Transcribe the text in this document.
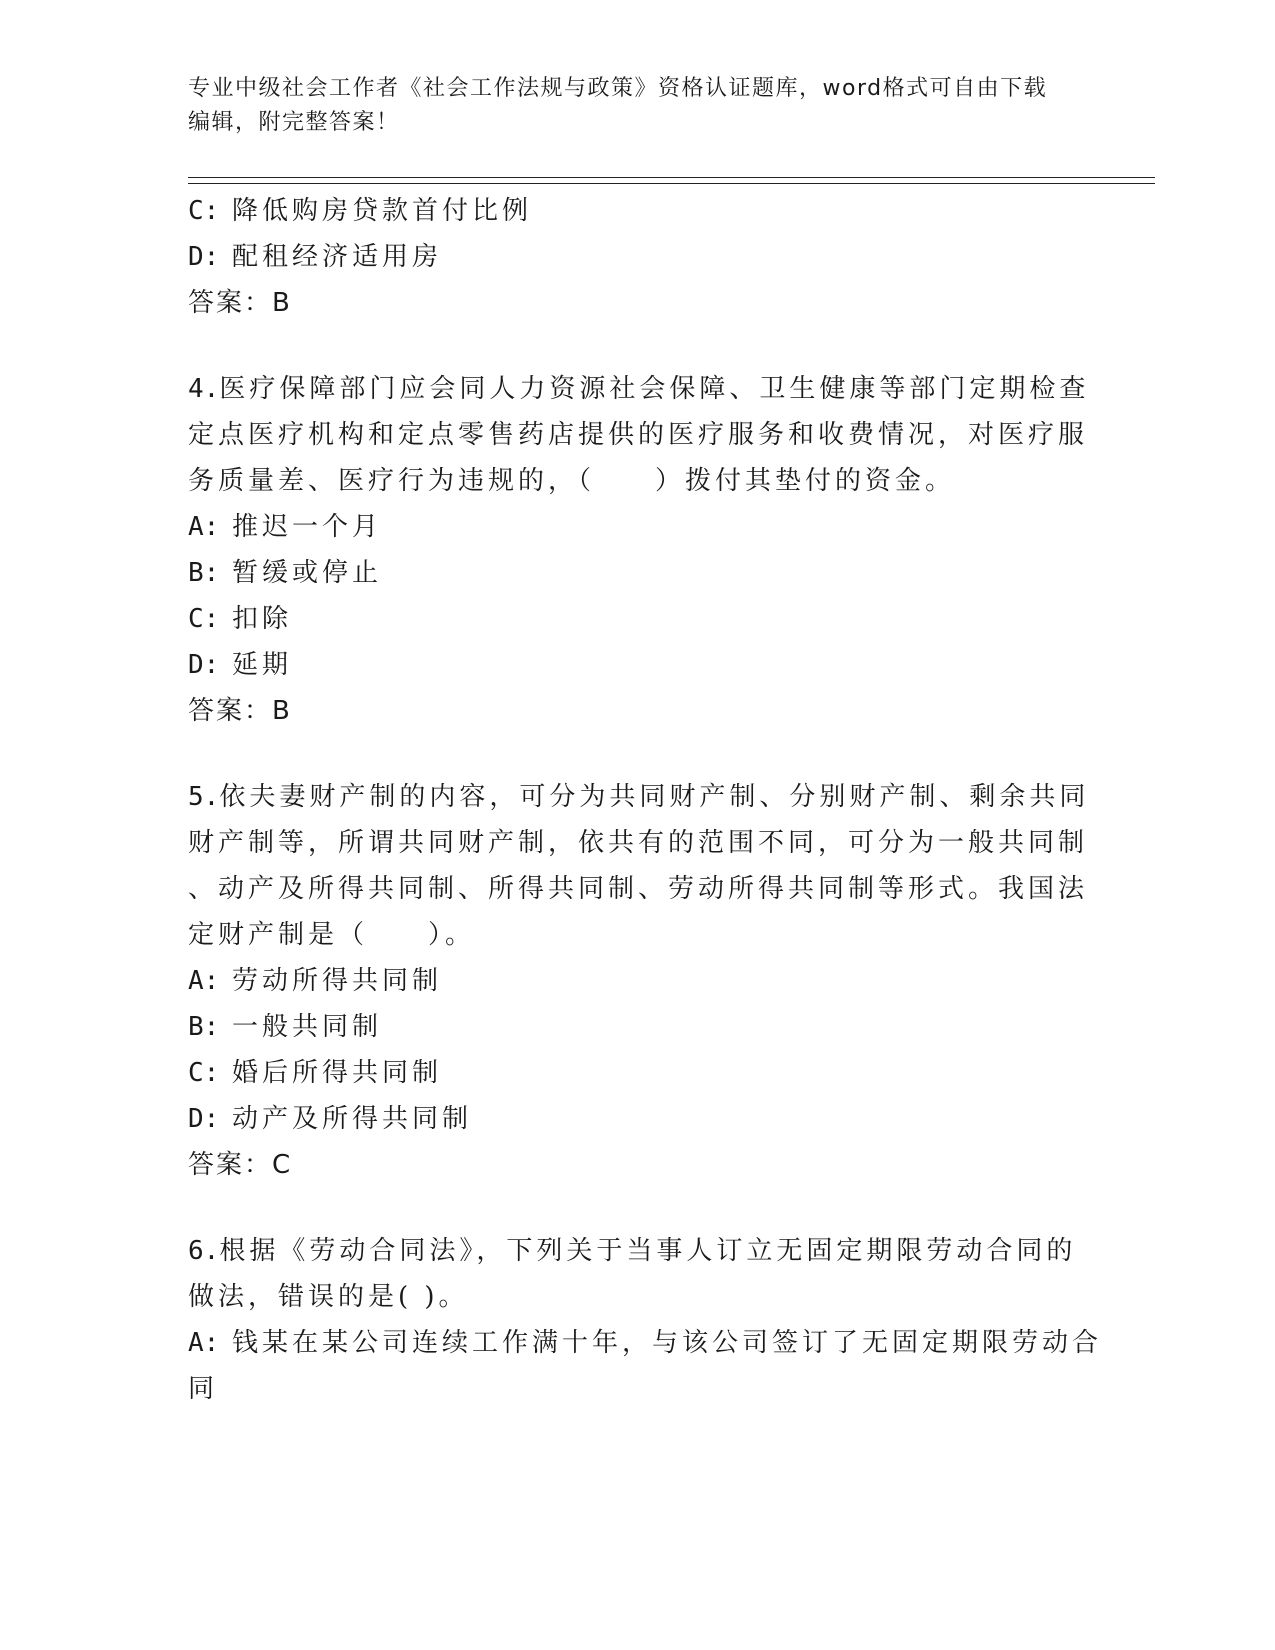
专业中级社会工作者《社会工作法规与政策》资格认证题库，word格式可自由下载编辑，附完整答案！
C: 降低购房贷款首付比例
D: 配租经济适用房
答案：B
4.医疗保障部门应会同人力资源社会保障、卫生健康等部门定期检查
定点医疗机构和定点零售药店提供的医疗服务和收费情况，对医疗服
务质量差、医疗行为违规的，（　　）拨付其垫付的资金。
A: 推迟一个月
B: 暂缓或停止
C: 扣除
D: 延期
答案：B
5.依夫妻财产制的内容，可分为共同财产制、分别财产制、剩余共同
财产制等，所谓共同财产制，依共有的范围不同，可分为一般共同制
、动产及所得共同制、所得共同制、劳动所得共同制等形式。我国法
定财产制是（　　）。
A: 劳动所得共同制
B: 一般共同制
C: 婚后所得共同制
D: 动产及所得共同制
答案：C
6.根据《劳动合同法》，下列关于当事人订立无固定期限劳动合同的
做法，错误的是( )。
A: 钱某在某公司连续工作满十年，与该公司签订了无固定期限劳动合
同
